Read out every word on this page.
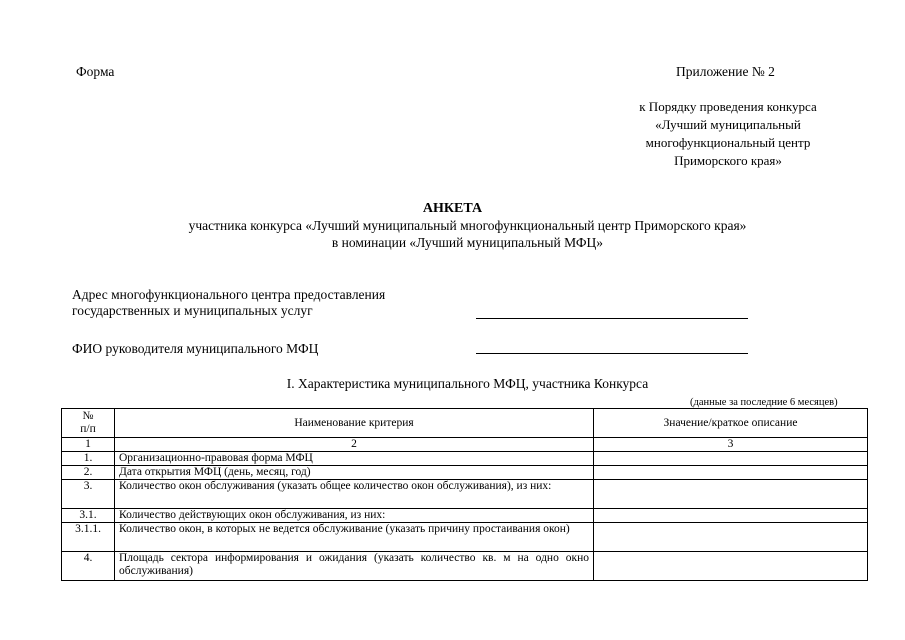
Форма	Приложение № 2
к Порядку проведения конкурса
«Лучший муниципальный
многофункциональный центр
Приморского края»
АНКЕТА
участника конкурса «Лучший муниципальный многофункциональный центр Приморского края»
в номинации «Лучший муниципальный МФЦ»
Адрес многофункционального центра предоставления
государственных и муниципальных услуг
ФИО руководителя муниципального МФЦ
I. Характеристика муниципального МФЦ, участника Конкурса
(данные за последние 6 месяцев)
№
п/п	Наименование критерия	Значение/краткое описание
1	2	3
1.	Организационно-правовая форма МФЦ	
2.	Дата открытия МФЦ (день, месяц, год)	
3.	Количество окон обслуживания (указать общее количество окон обслуживания), из них:	
3.1.	Количество действующих окон обслуживания, из них:	
3.1.1.	Количество окон, в которых не ведется обслуживание (указать причину простаивания окон)	
4.	Площадь сектора информирования и ожидания (указать количество кв. м на одно окно обслуживания)	
